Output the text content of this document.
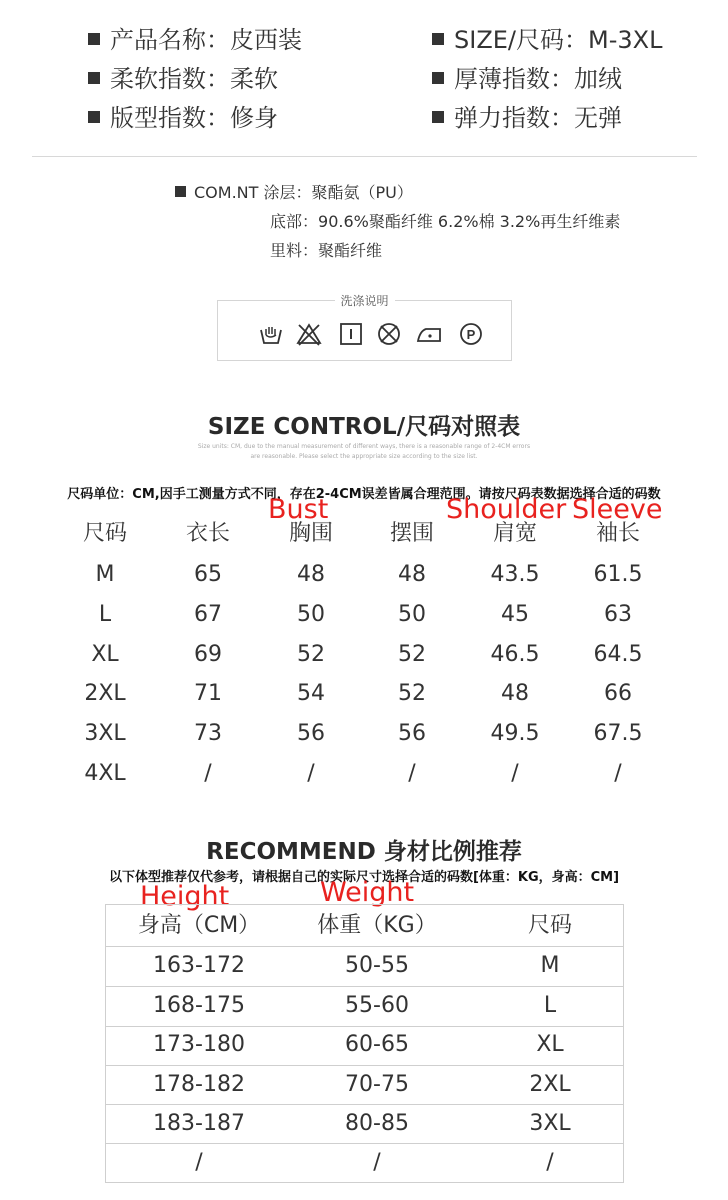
产品名称：皮西装
柔软指数：柔软
版型指数：修身
SIZE/尺码：M-3XL
厚薄指数：加绒
弹力指数：无弹
COM.NT 涂层：聚酯氨（PU）
底部：90.6%聚酯纤维 6.2%棉 3.2%再生纤维素
里料：聚酯纤维
洗涤说明
P
SIZE CONTROL/尺码对照表
Size units: CM, due to the manual measurement of different ways, there is a reasonable range of 2-4CM errors
are reasonable. Please select the appropriate size according to the size list.
尺码单位：CM,因手工测量方式不同，存在2-4CM误差皆属合理范围。请按尺码表数据选择合适的码数
Bust	Shoulder Sleeve
尺码	衣长	胸围	摆围	肩宽	袖长
M	65	48	48	43.5	61.5
L	67	50	50	45	63
XL	69	52	52	46.5	64.5
2XL	71	54	52	48	66
3XL	73	56	56	49.5	67.5
4XL	/	/	/	/	/
RECOMMEND 身材比例推荐
以下体型推荐仅代参考，请根据自己的实际尺寸选择合适的码数[体重：KG，身高：CM]
Height	Weight
身高（CM）	体重（KG）	尺码
163-172	50-55	M
168-175	55-60	L
173-180	60-65	XL
178-182	70-75	2XL
183-187	80-85	3XL
/	/	/
